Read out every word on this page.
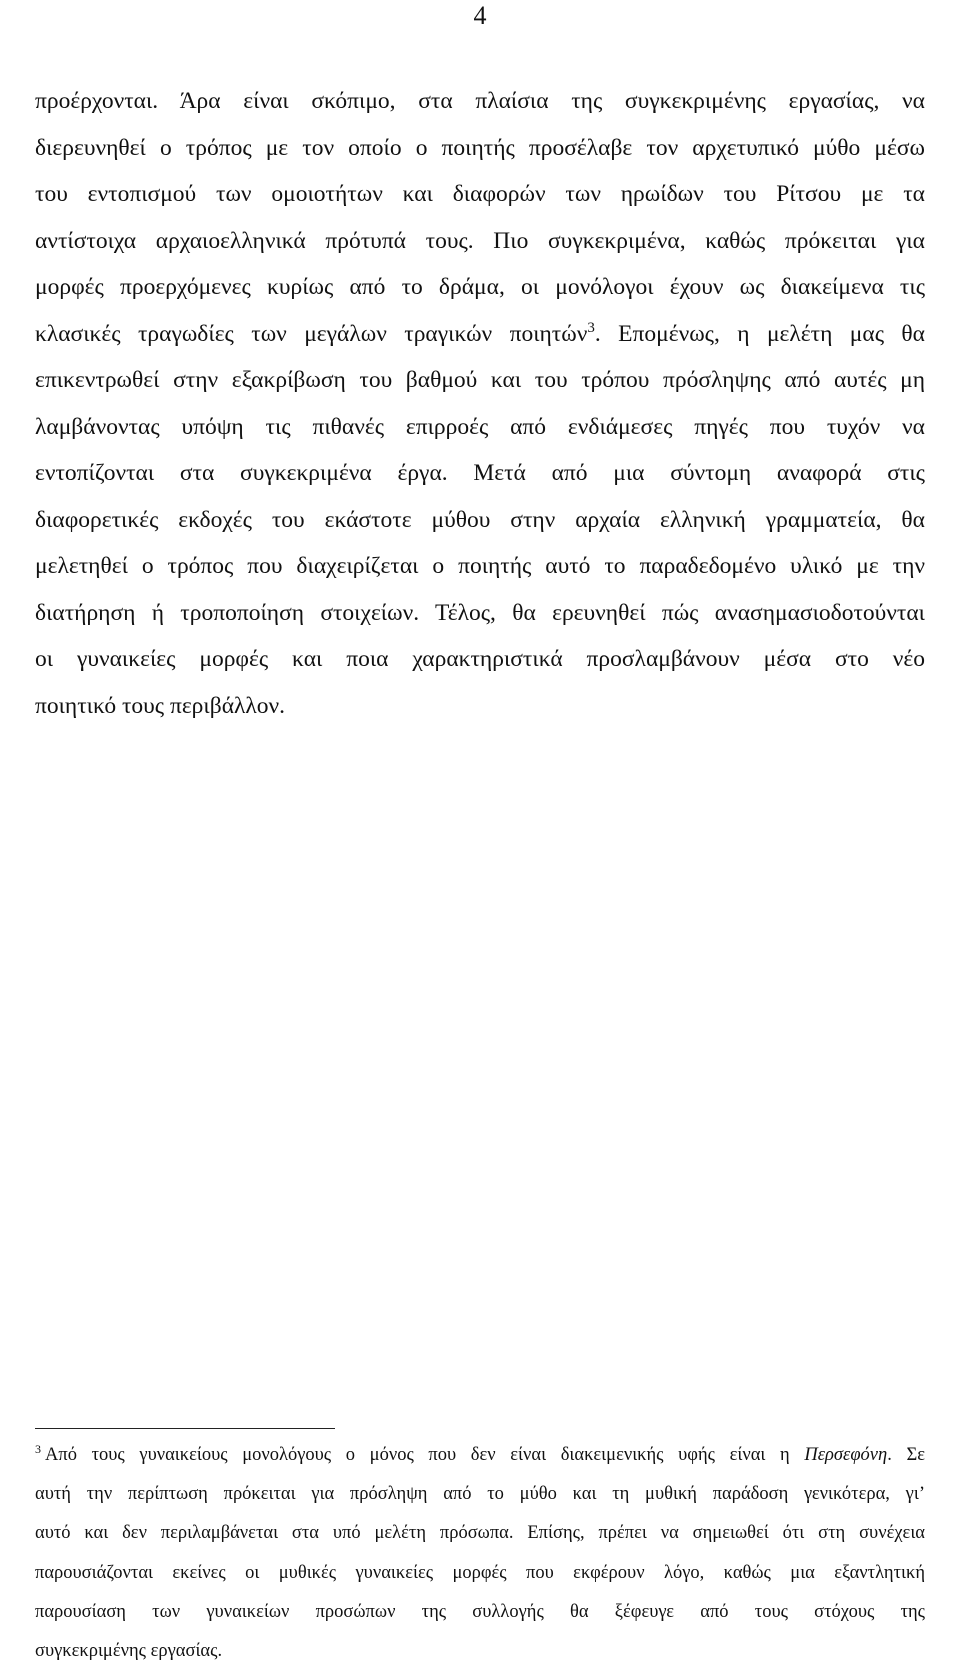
4
προέρχονται. Άρα είναι σκόπιμο, στα πλαίσια της συγκεκριμένης εργασίας, να
διερευνηθεί ο τρόπος με τον οποίο ο ποιητής προσέλαβε τον αρχετυπικό μύθο μέσω
του εντοπισμού των ομοιοτήτων και διαφορών των ηρωίδων του Ρίτσου με τα
αντίστοιχα αρχαιοελληνικά πρότυπά τους. Πιο συγκεκριμένα, καθώς πρόκειται για
μορφές προερχόμενες κυρίως από το δράμα, οι μονόλογοι έχουν ως διακείμενα τις
κλασικές τραγωδίες των μεγάλων τραγικών ποιητών$^3$. Επομένως, η μελέτη μας θα
επικεντρωθεί στην εξακρίβωση του βαθμού και του τρόπου πρόσληψης από αυτές μη
λαμβάνοντας υπόψη τις πιθανές επιρροές από ενδιάμεσες πηγές που τυχόν να
εντοπίζονται στα συγκεκριμένα έργα. Μετά από μια σύντομη αναφορά στις
διαφορετικές εκδοχές του εκάστοτε μύθου στην αρχαία ελληνική γραμματεία, θα
μελετηθεί ο τρόπος που διαχειρίζεται ο ποιητής αυτό το παραδεδομένο υλικό με την
διατήρηση ή τροποποίηση στοιχείων. Τέλος, θα ερευνηθεί πώς ανασημασιοδοτούνται
οι γυναικείες μορφές και ποια χαρακτηριστικά προσλαμβάνουν μέσα στο νέο
ποιητικό τους περιβάλλον.
$^3$ Από τους γυναικείους μονολόγους ο μόνος που δεν είναι διακειμενικής υφής είναι η Περσεφόνη. Σε
αυτή την περίπτωση πρόκειται για πρόσληψη από το μύθο και τη μυθική παράδοση γενικότερα, γι’
αυτό και δεν περιλαμβάνεται στα υπό μελέτη πρόσωπα. Επίσης, πρέπει να σημειωθεί ότι στη συνέχεια
παρουσιάζονται εκείνες οι μυθικές γυναικείες μορφές που εκφέρουν λόγο, καθώς μια εξαντλητική
παρουσίαση των γυναικείων προσώπων της συλλογής θα ξέφευγε από τους στόχους της
συγκεκριμένης εργασίας.
